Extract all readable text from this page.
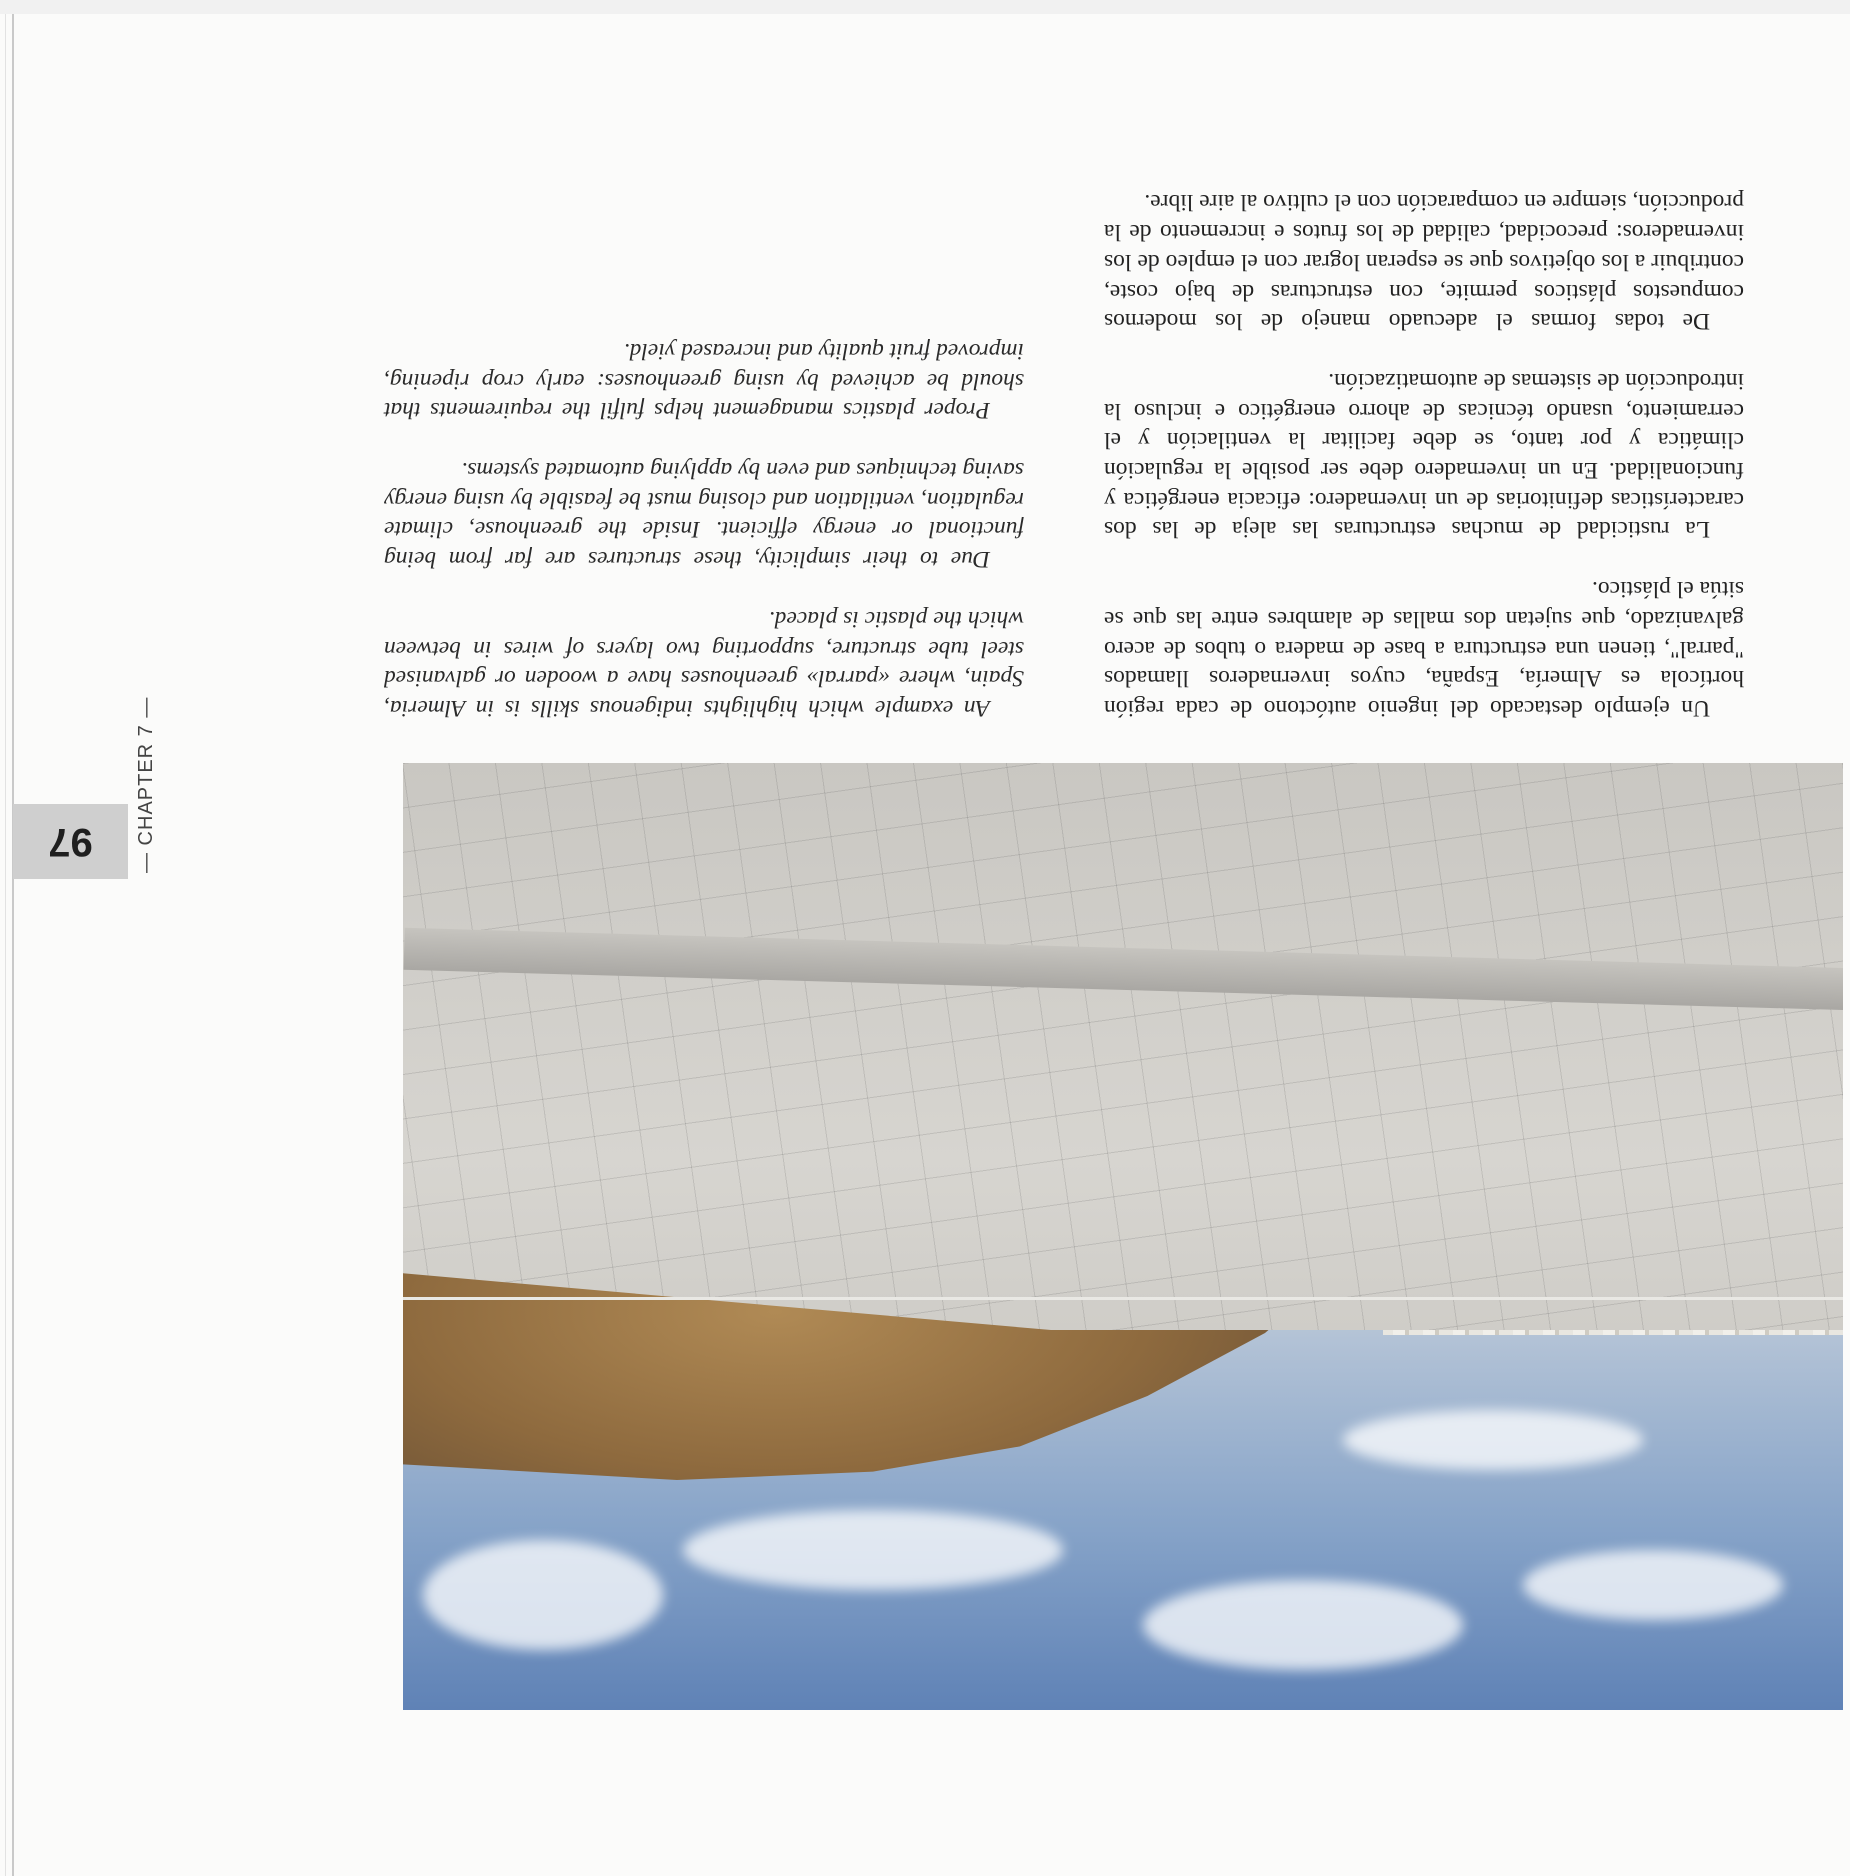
Un ejemplo destacado del ingenio autóctono de cada región hortícola es Almería, España, cuyos invernaderos llamados "parral", tienen una estructura a base de madera o tubos de acero galvanizado, que sujetan dos mallas de alambres entre las que se sitúa el plástico.

La rusticidad de muchas estructuras las aleja de las dos características definitorias de un invernadero: eficacia energética y funcionalidad. En un invernadero debe ser posible la regulación climática y por tanto, se debe facilitar la ventilación y el cerramiento, usando técnicas de ahorro energético e incluso la introducción de sistemas de automatización.

De todas formas el adecuado manejo de los modernos compuestos plásticos permite, con estructuras de bajo coste, contribuir a los objetivos que se esperan lograr con el empleo de los invernaderos: precocidad, calidad de los frutos e incremento de la producción, siempre en comparación con el cultivo al aire libre.

An example which highlights indigenous skills is in Almeria, Spain, where «parral» greenhouses have a wooden or galvanised steel tube structure, supporting two layers of wires in between which the plastic is placed.

Due to their simplicity, these structures are far from being functional or energy efficient. Inside the greenhouse, climate regulation, ventilation and closing must be feasible by using energy saving techniques and even by applying automated systems.

Proper plastics management helps fulfil the requirements that should be achieved by using greenhouses: early crop ripening, improved fruit quality and increased yield.

97	— CHAPTER 7 —
